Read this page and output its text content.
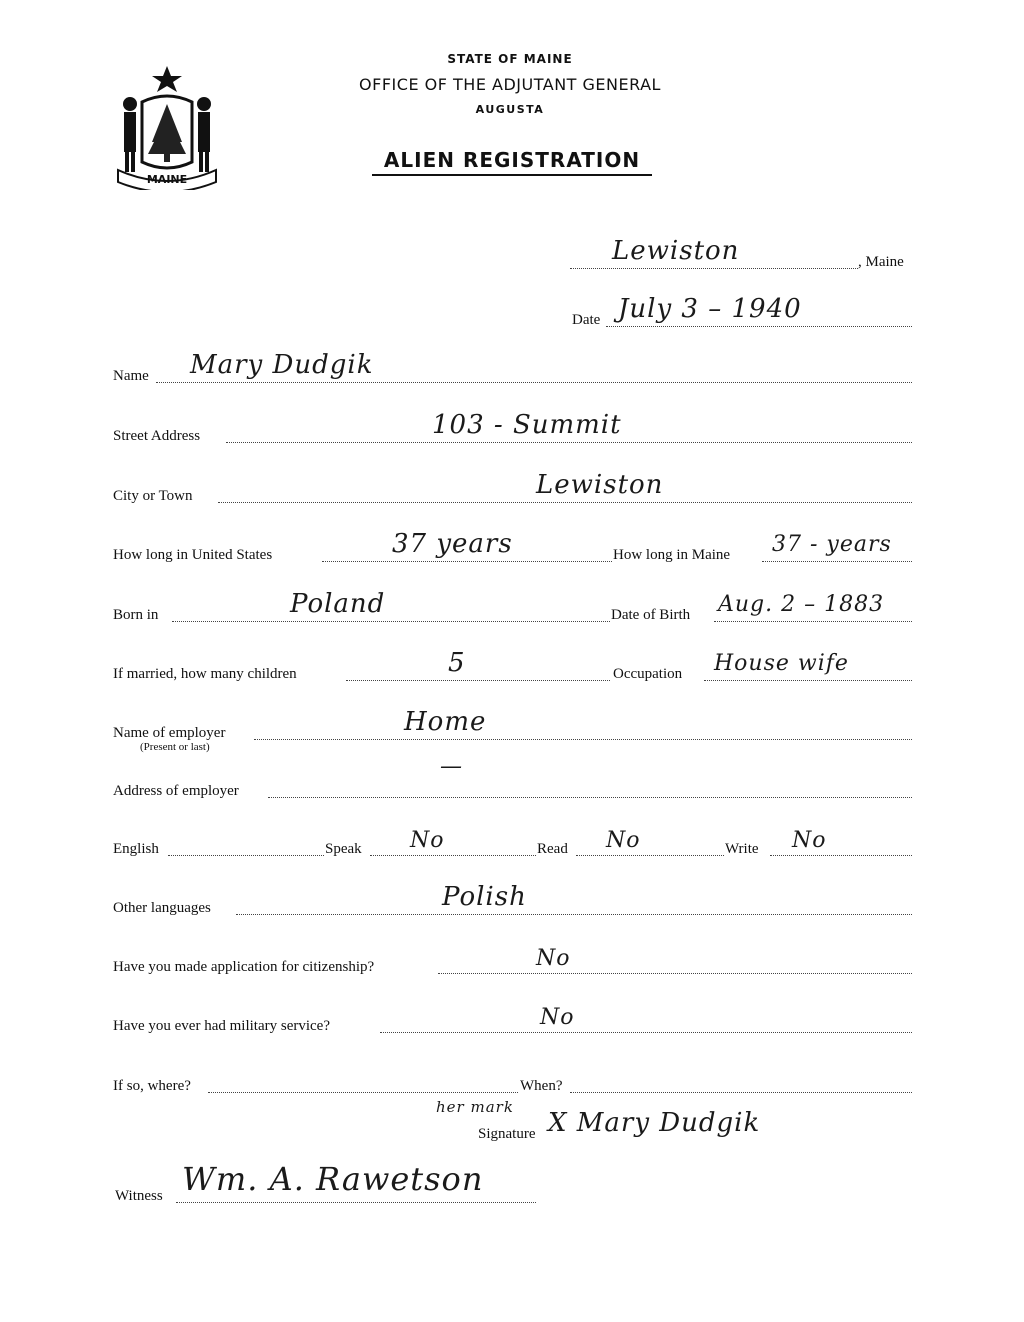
MAINE
STATE OF MAINE
OFFICE OF THE ADJUTANT GENERAL
AUGUSTA
ALIEN REGISTRATION
Lewiston	, Maine
Date July 3 – 1940
Name Mary Dudgik
Street Address	103 - Summit
City or Town	Lewiston
How long in United States	37 years	How long in Maine 37 - years
Born in	Poland	Date of Birth Aug. 2 – 1883
If married, how many children	5	Occupation House wife
Name of employer
(Present or last)
Home
Address of employer
—
English	Speak No	Read No	Write No
Other languages	Polish
Have you made application for citizenship?	No
Have you ever had military service?	No
If so, where?	When?
her mark
Signature X Mary Dudgik
Witness Wm. A. Rawetson
